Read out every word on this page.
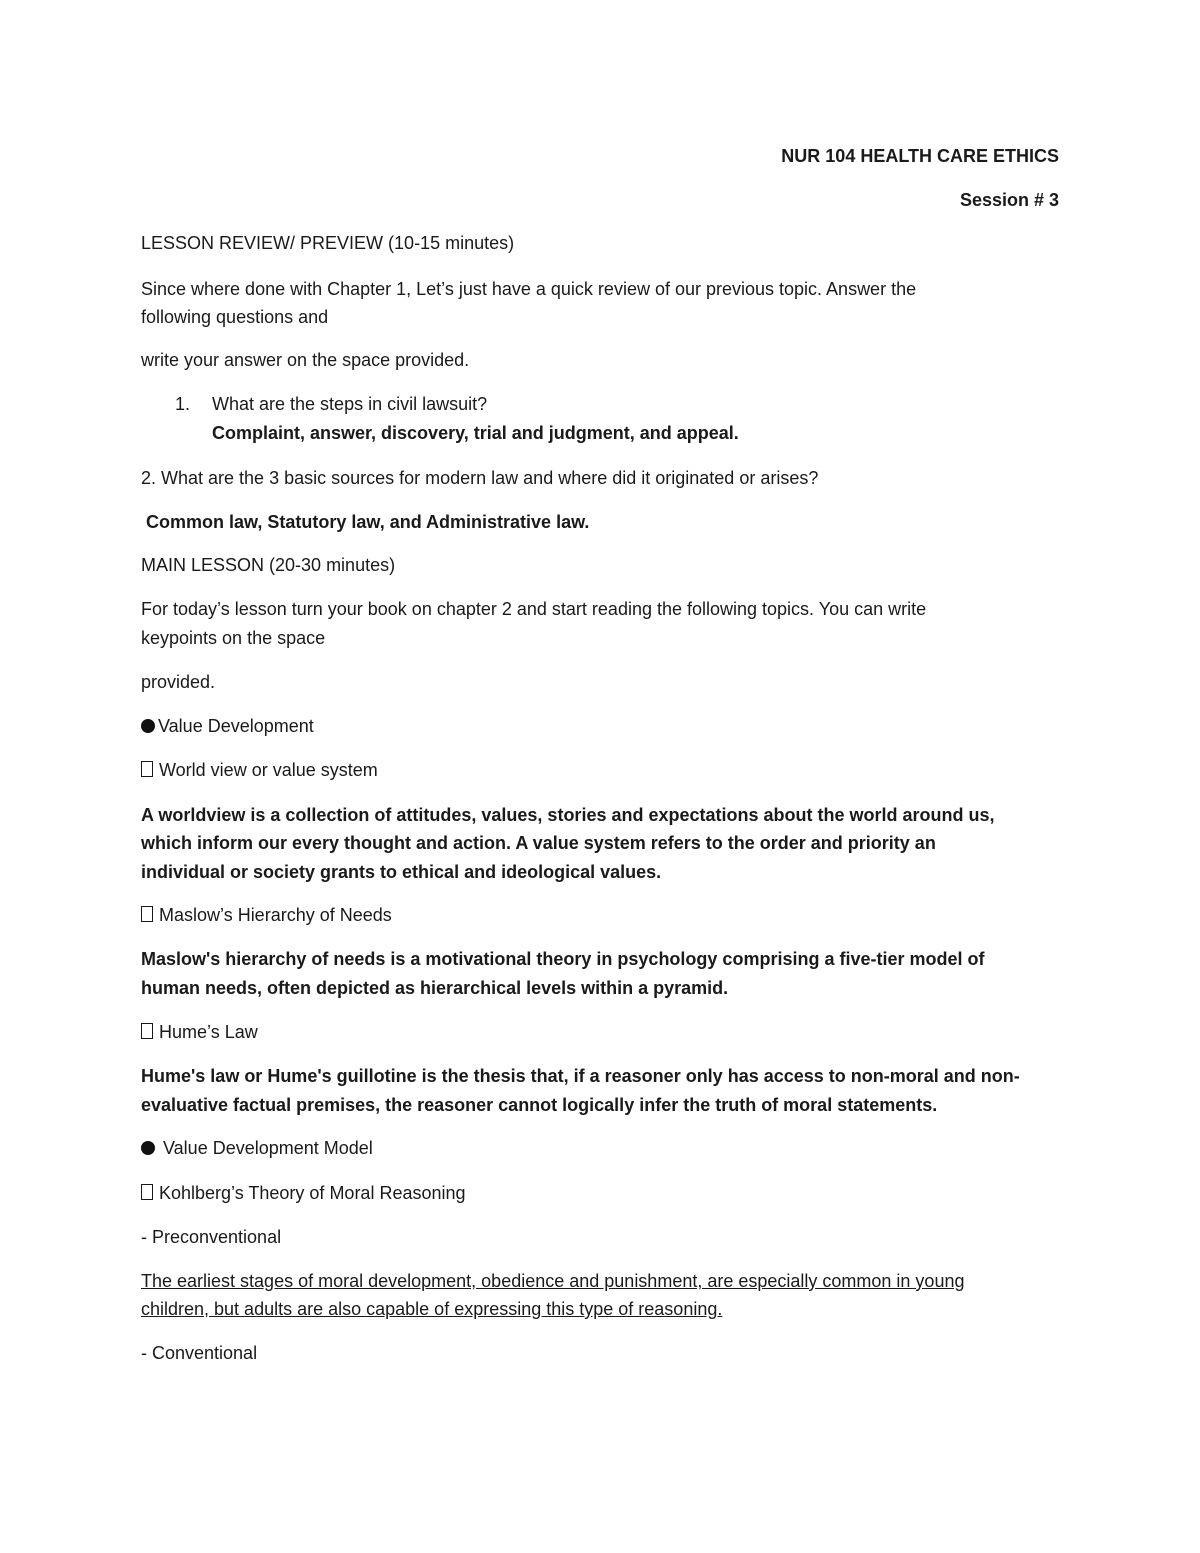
NUR 104 HEALTH CARE ETHICS
Session # 3
LESSON REVIEW/ PREVIEW (10-15 minutes)
Since where done with Chapter 1, Let’s just have a quick review of our previous topic. Answer the
following questions and
write your answer on the space provided.
1. What are the steps in civil lawsuit?
Complaint, answer, discovery, trial and judgment, and appeal.
2. What are the 3 basic sources for modern law and where did it originated or arises?
Common law, Statutory law, and Administrative law.
MAIN LESSON (20-30 minutes)
For today’s lesson turn your book on chapter 2 and start reading the following topics. You can write
keypoints on the space
provided.
Value Development
World view or value system
A worldview is a collection of attitudes, values, stories and expectations about the world around us,
which inform our every thought and action. A value system refers to the order and priority an
individual or society grants to ethical and ideological values.
Maslow’s Hierarchy of Needs
Maslow's hierarchy of needs is a motivational theory in psychology comprising a five-tier model of
human needs, often depicted as hierarchical levels within a pyramid.
Hume’s Law
Hume's law or Hume's guillotine is the thesis that, if a reasoner only has access to non-moral and non-
evaluative factual premises, the reasoner cannot logically infer the truth of moral statements.
Value Development Model
Kohlberg’s Theory of Moral Reasoning
- Preconventional
The earliest stages of moral development, obedience and punishment, are especially common in young
children, but adults are also capable of expressing this type of reasoning.
- Conventional
